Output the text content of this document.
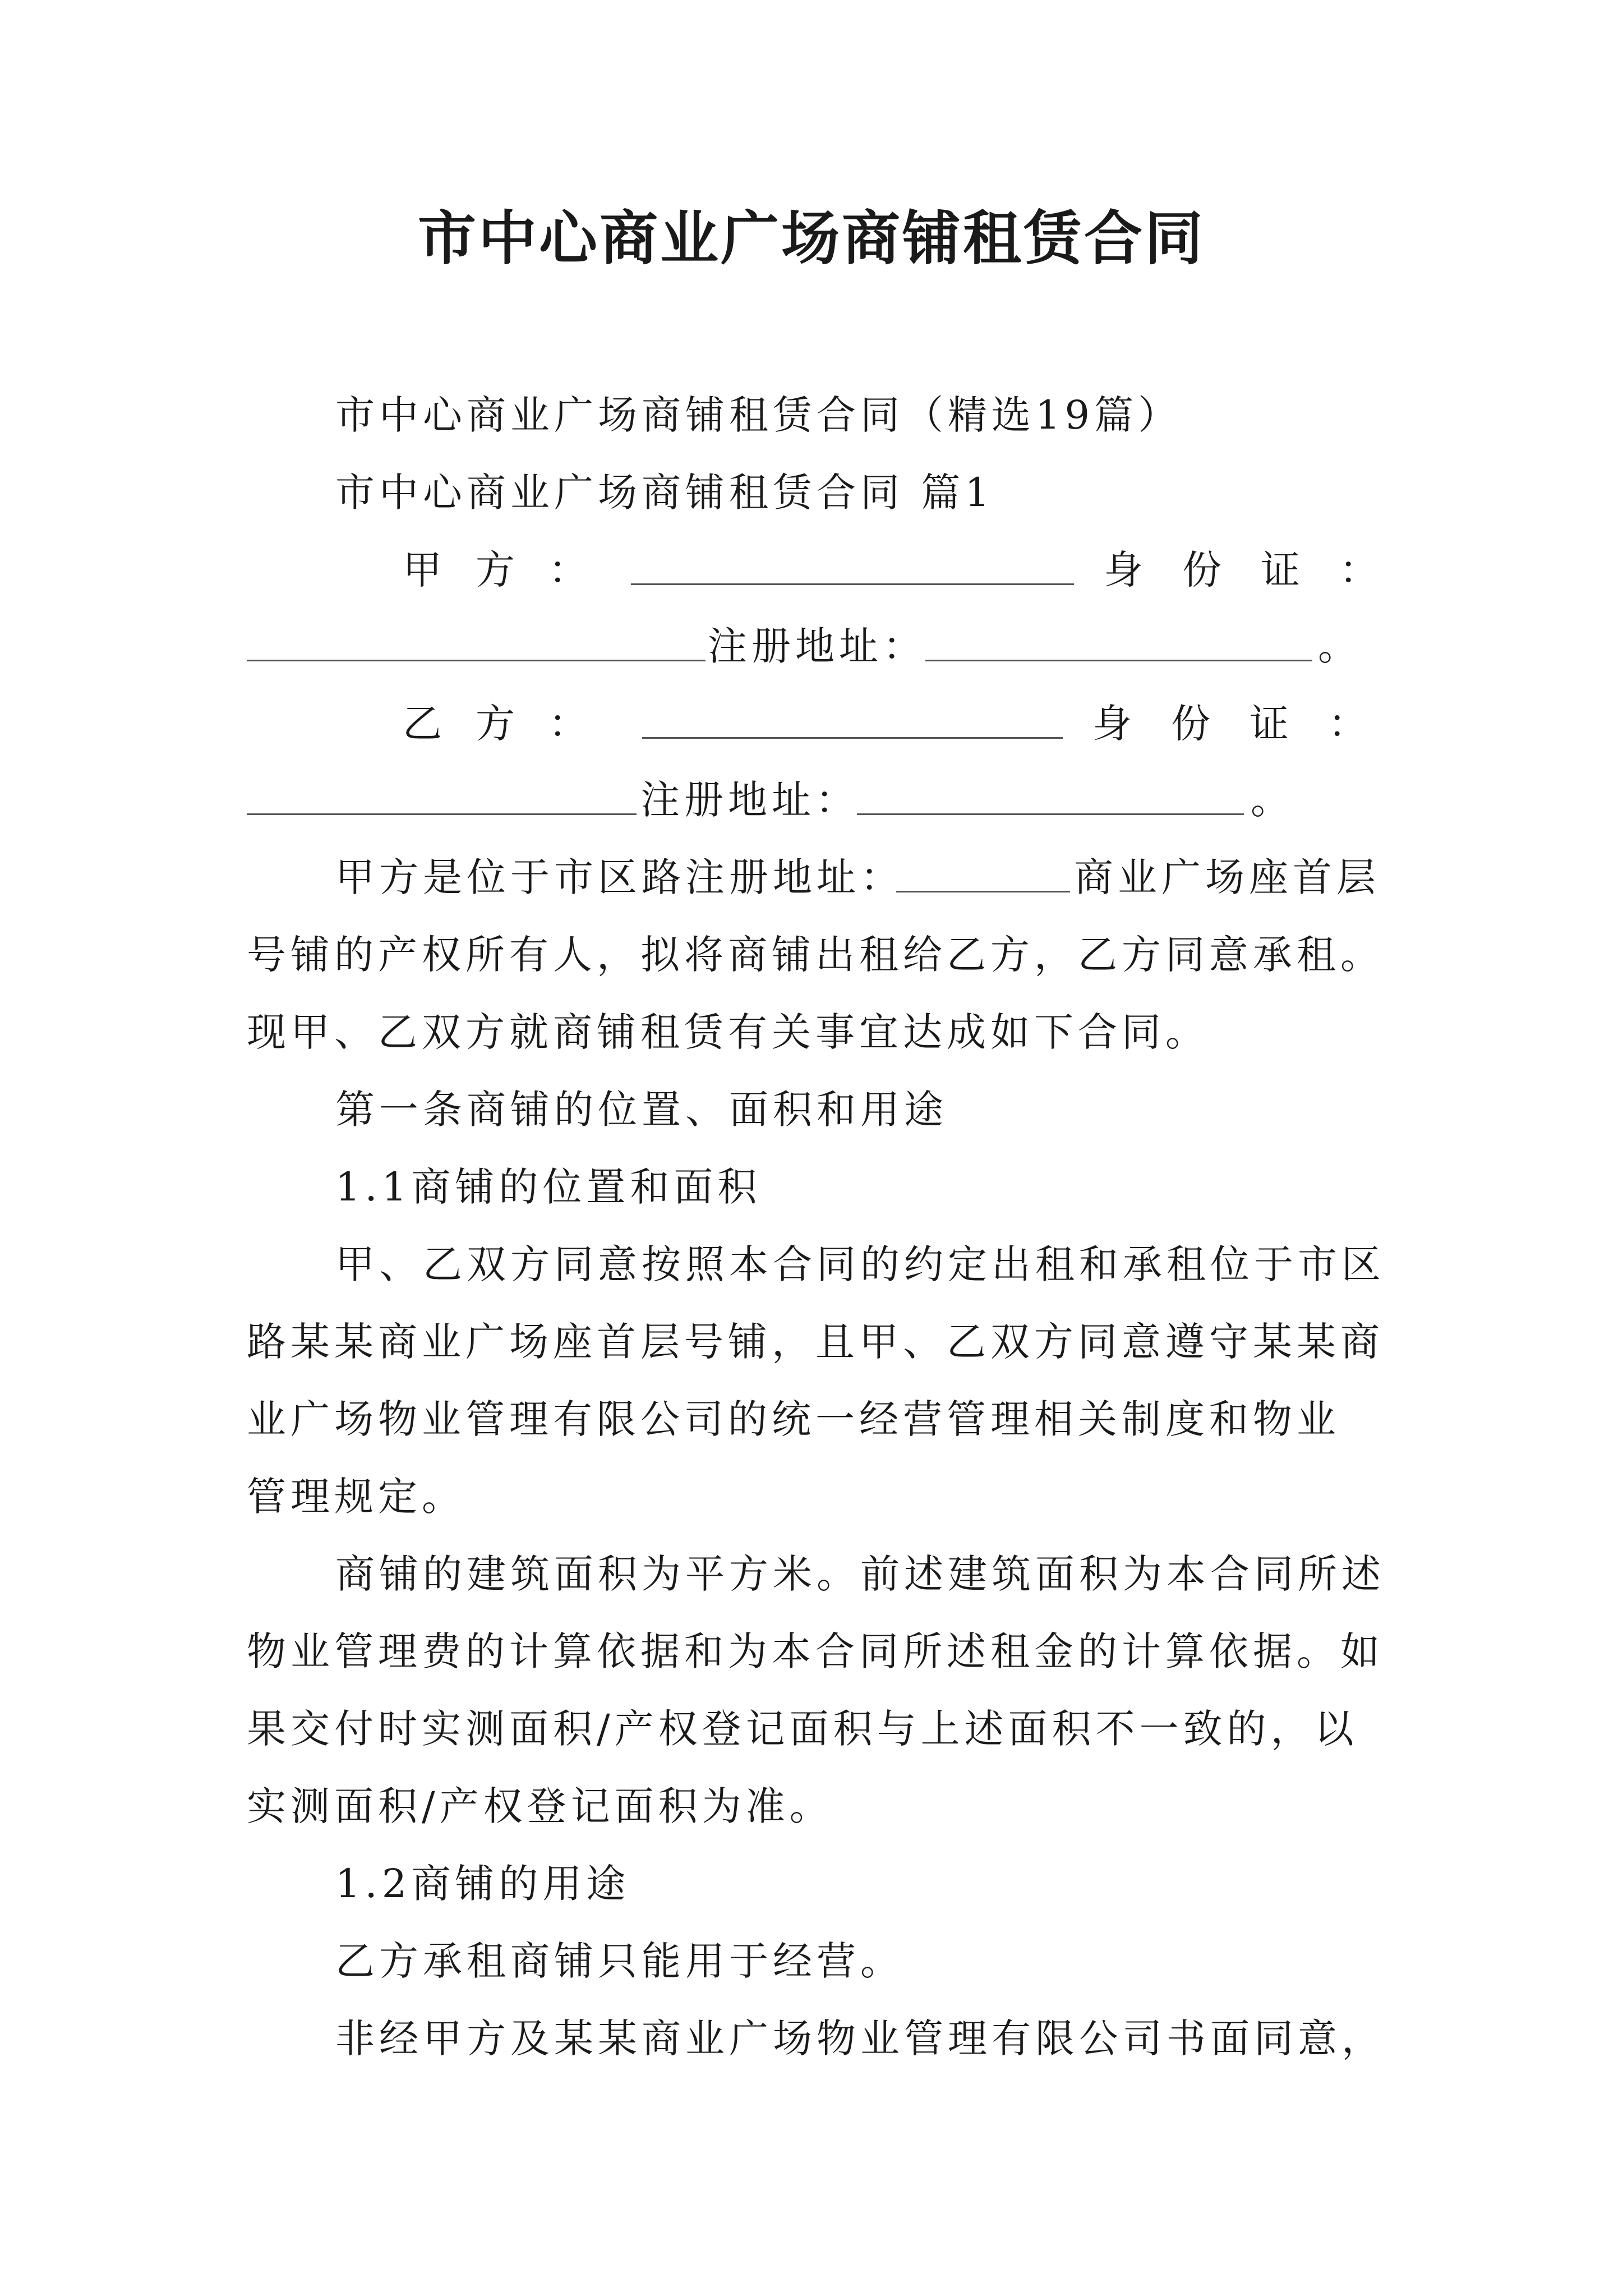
市中心商业广场商铺租赁合同
市中心商业广场商铺租赁合同（精选19篇）
市中心商业广场商铺租赁合同 篇1
甲方：	身份证：
注册地址：	。
乙方：	身份证：
注册地址：	。
甲方是位于市区路注册地址：	商业广场座首层
号铺的产权所有人，拟将商铺出租给乙方，乙方同意承租。
现甲、乙双方就商铺租赁有关事宜达成如下合同。
第一条商铺的位置、面积和用途
1.1商铺的位置和面积
甲、乙双方同意按照本合同的约定出租和承租位于市区
路某某商业广场座首层号铺，且甲、乙双方同意遵守某某商
业广场物业管理有限公司的统一经营管理相关制度和物业
管理规定。
商铺的建筑面积为平方米。前述建筑面积为本合同所述
物业管理费的计算依据和为本合同所述租金的计算依据。如
果交付时实测面积/产权登记面积与上述面积不一致的，以
实测面积/产权登记面积为准。
1.2商铺的用途
乙方承租商铺只能用于经营。
非经甲方及某某商业广场物业管理有限公司书面同意，
